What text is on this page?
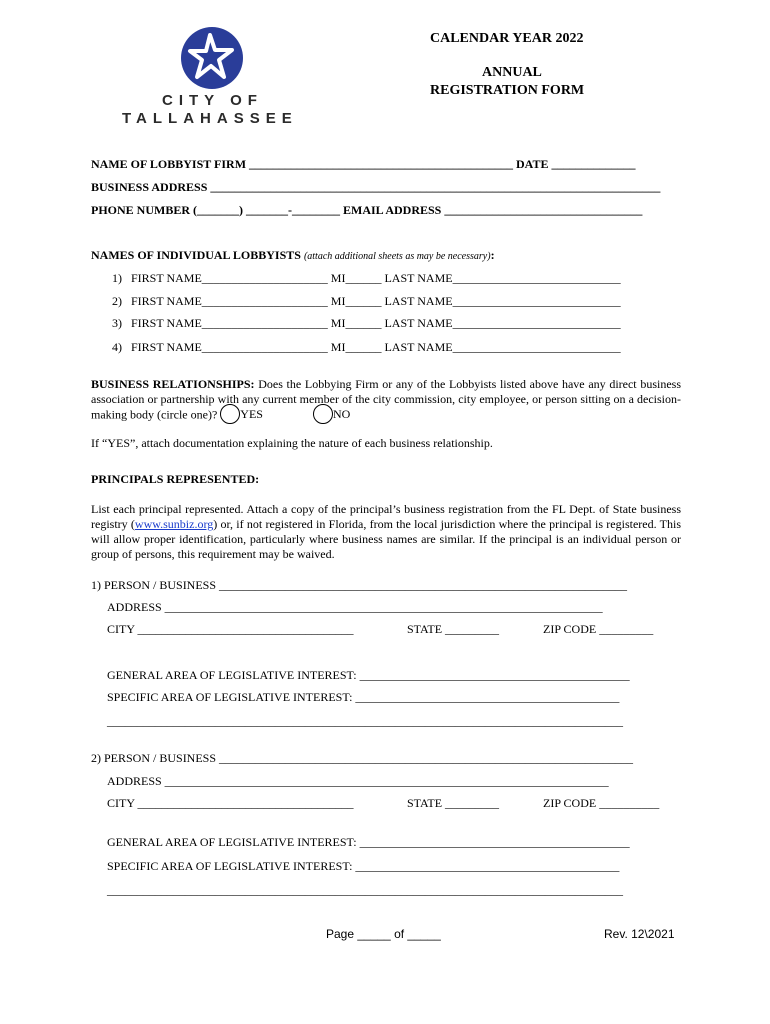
CITY OF
TALLAHASSEE
CALENDAR YEAR 2022
ANNUAL
REGISTRATION FORM
NAME OF LOBBYIST FIRM ____________________________________________ DATE ______________
BUSINESS ADDRESS ___________________________________________________________________________
PHONE NUMBER (_______) _______-________ EMAIL ADDRESS _________________________________
NAMES OF INDIVIDUAL LOBBYISTS (attach additional sheets as may be necessary):
1) FIRST NAME_____________________ MI______ LAST NAME____________________________
2) FIRST NAME_____________________ MI______ LAST NAME____________________________
3) FIRST NAME_____________________ MI______ LAST NAME____________________________
4) FIRST NAME_____________________ MI______ LAST NAME____________________________
BUSINESS RELATIONSHIPS: Does the Lobbying Firm or any of the Lobbyists listed above have any direct business association or partnership with any current member of the city commission, city employee, or person sitting on a decision-making body (circle one)? YES	NO
If “YES”, attach documentation explaining the nature of each business relationship.
PRINCIPALS REPRESENTED:
List each principal represented. Attach a copy of the principal’s business registration from the FL Dept. of State business registry (www.sunbiz.org) or, if not registered in Florida, from the local jurisdiction where the principal is registered. This will allow proper identification, particularly where business names are similar. If the principal is an individual person or group of persons, this requirement may be waived.
1) PERSON / BUSINESS ____________________________________________________________________
ADDRESS _________________________________________________________________________
CITY ____________________________________	STATE _________	ZIP CODE _________
GENERAL AREA OF LEGISLATIVE INTEREST: _____________________________________________
SPECIFIC AREA OF LEGISLATIVE INTEREST: ____________________________________________
______________________________________________________________________________________
2) PERSON / BUSINESS _____________________________________________________________________
ADDRESS __________________________________________________________________________
CITY ____________________________________	STATE _________	ZIP CODE __________
GENERAL AREA OF LEGISLATIVE INTEREST: _____________________________________________
SPECIFIC AREA OF LEGISLATIVE INTEREST: ____________________________________________
______________________________________________________________________________________
Page _____ of _____	Rev. 12\2021
